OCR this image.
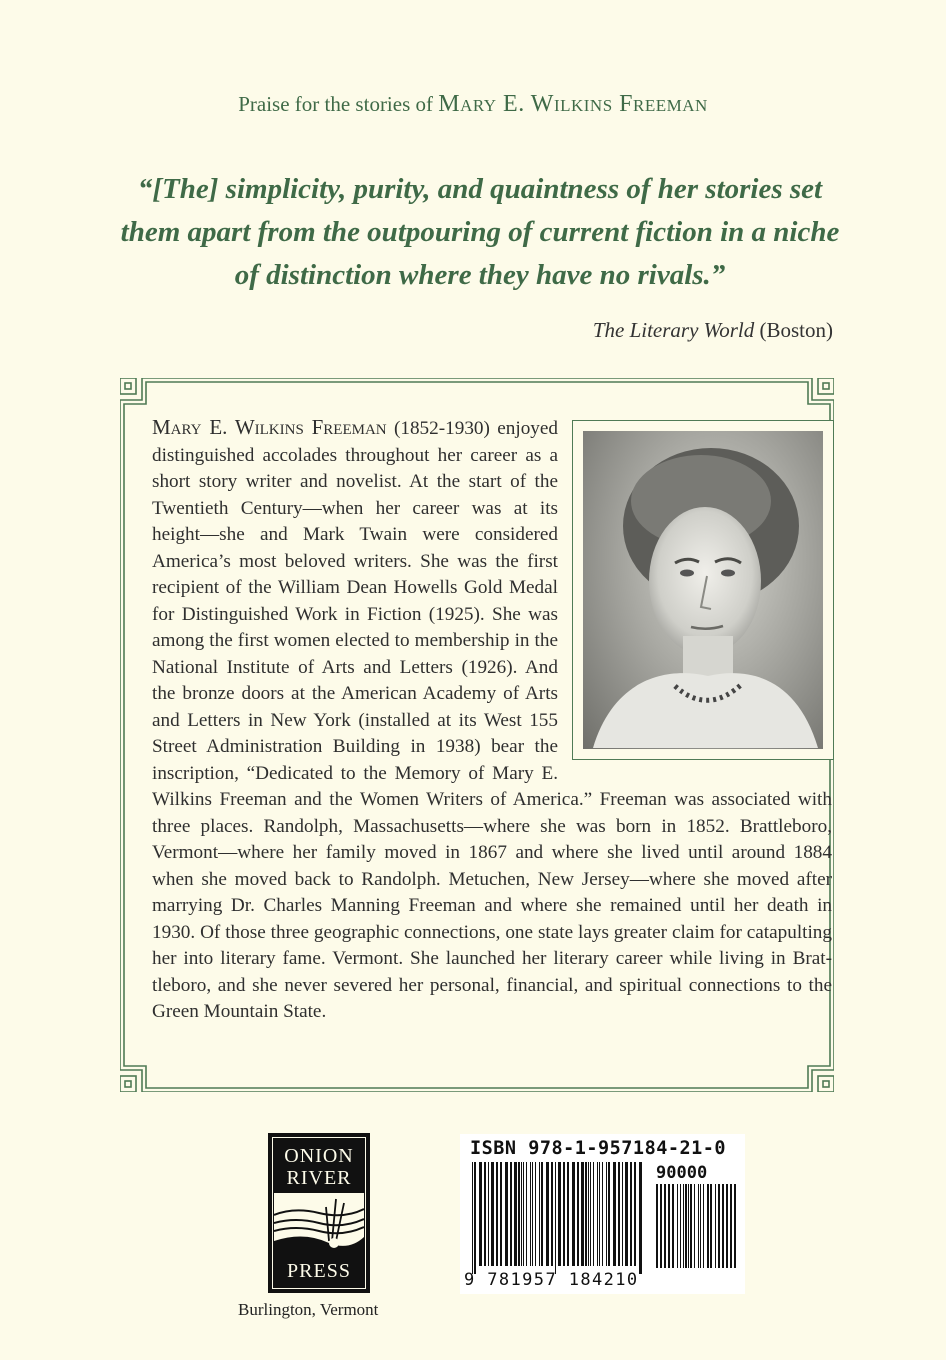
Praise for the stories of Mary E. Wilkins Freeman
“[The] simplicity, purity, and quaintness of her stories set them apart from the outpouring of current fiction in a niche of distinction where they have no rivals.”
The Literary World (Boston)

Mary E. Wilkins Freeman (1852-1930) enjoyed distinguished accolades throughout her career as a short story writer and novelist. At the start of the Twentieth Century—when her career was at its height—she and Mark Twain were considered America’s most beloved writers. She was the first recipient of the William Dean Howells Gold Medal for Distinguished Work in Fiction (1925). She was among the first women elected to membership in the National Institute of Arts and Letters (1926). And the bronze doors at the American Academy of Arts and Letters in New York (installed at its West 155 Street Administration Building in 1938) bear the inscription, “Dedicated to the Memory of Mary E. Wilkins Freeman and the Women Writers of America.” Freeman was associated with three places. Randolph, Massachusetts—where she was born in 1852. Brattleboro, Vermont—where her family moved in 1867 and where she lived until around 1884 when she moved back to Randolph. Metuchen, New Jersey—where she moved after marrying Dr. Charles Manning Freeman and where she remained until her death in 1930. Of those three geographic connections, one state lays greater claim for catapulting her into literary fame. Vermont. She launched her literary career while living in Brattleboro, and she never severed her personal, financial, and spiritual connections to the Green Mountain State.

ONION
RIVER
PRESS
Burlington, Vermont
ISBN 978-1-957184-21-0
90000
9 781957 184210
